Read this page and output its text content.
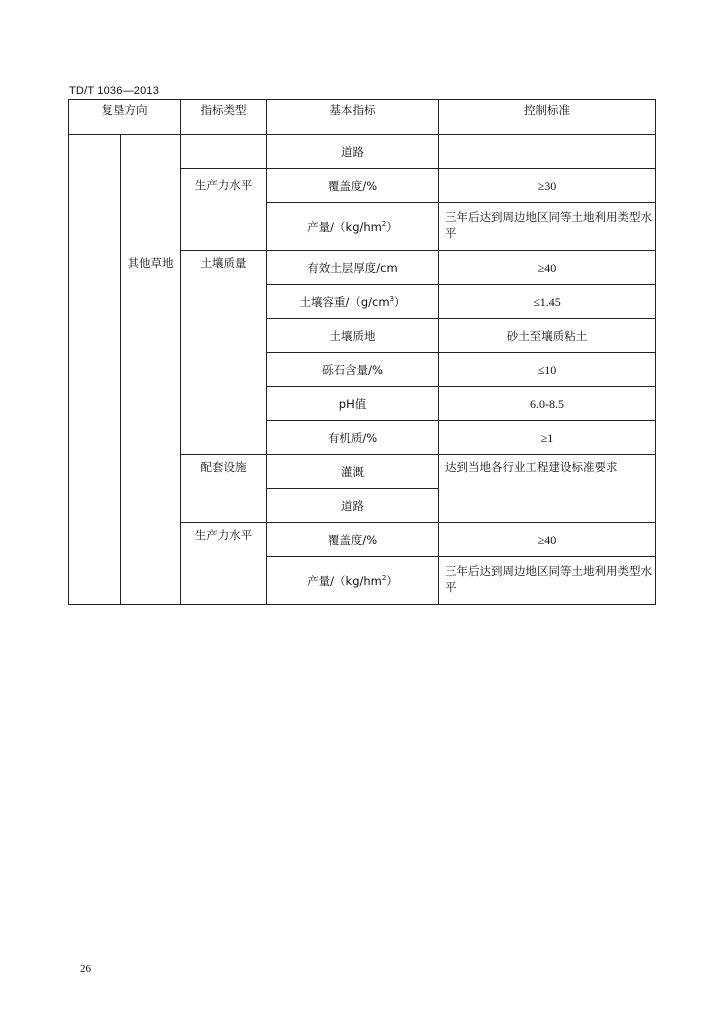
TD/T 1036—2013
复垦方向		指标类型	基本指标	控制标准
			道路	
		生产力水平	覆盖度/%	≥30
			产量$/(kg/hm^2)$	三年后达到周边地区同等土地利用类型水平
	其他草地	土壤质量	有效土层厚度/cm	≥40
			土壤容重$/(g/cm^3)$	≤1.45
			土壤质地	砂土至壤质粘土
			砾石含量/%	≤10
			pH值	6.0-8.5
			有机质/%	≥1
		配套设施	灌溉	达到当地各行业工程建设标准要求
			道路	
		生产力水平	覆盖度/%	≥40
			产量$/(kg/hm^2)$	三年后达到周边地区同等土地利用类型水平
26
